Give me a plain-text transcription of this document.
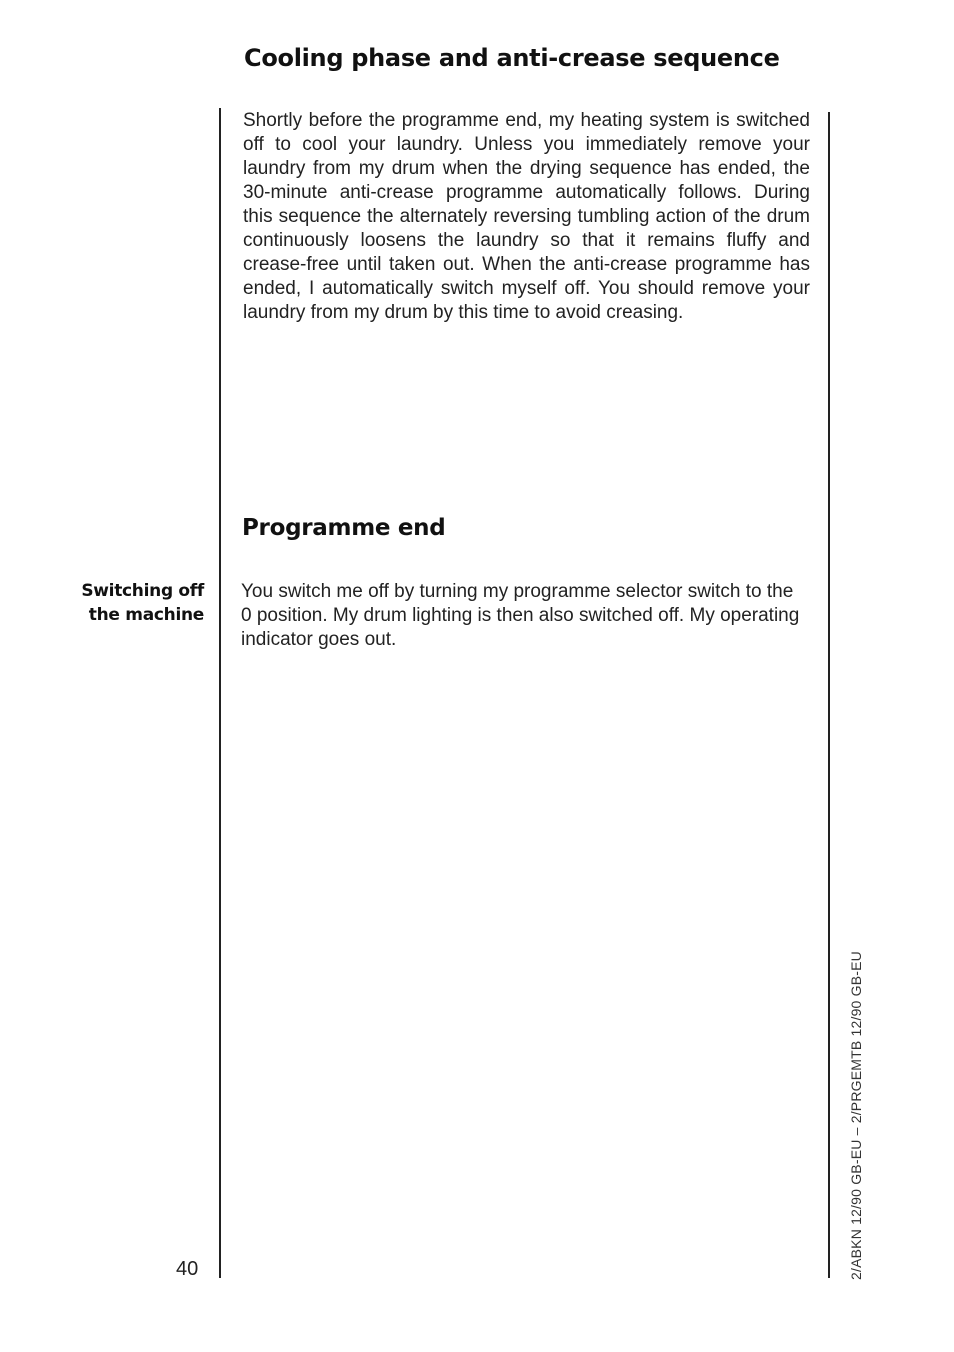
Cooling phase and anti-crease sequence

Shortly before the programme end, my heating system is switched off to cool your laundry. Unless you immediately remove your laundry from my drum when the drying sequence has ended, the 30-minute anti-crease programme automatically follows. During this sequence the alternately reversing tumbling action of the drum continuously loosens the laundry so that it remains fluffy and crease-free until taken out. When the anti-crease programme has ended, I automatically switch myself off. You should remove your laundry from my drum by this time to avoid creasing.

Programme end
Switching off
the machine

You switch me off by turning my programme selector switch to the 0 position. My drum lighting is then also switched off. My operating indicator goes out.

40	2/ABKN 12/90 GB-EU – 2/PRGEMTB 12/90 GB-EU
